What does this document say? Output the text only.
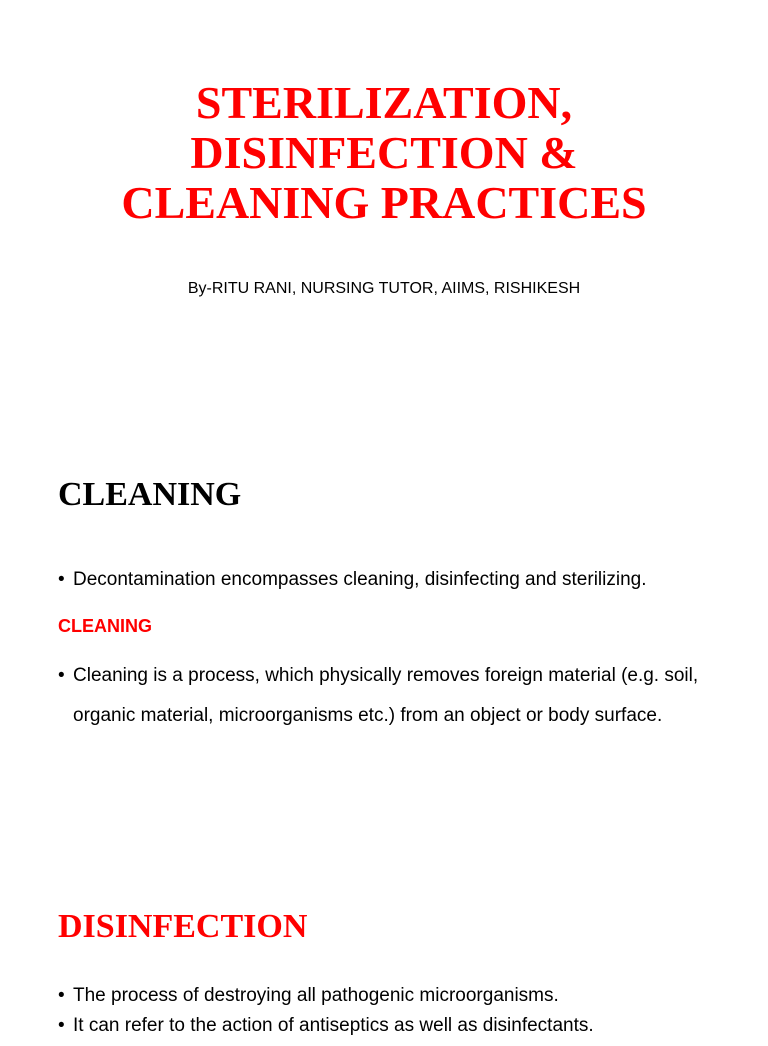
STERILIZATION,
DISINFECTION &
CLEANING PRACTICES
By-RITU RANI, NURSING TUTOR, AIIMS, RISHIKESH
CLEANING
• Decontamination encompasses cleaning, disinfecting and sterilizing.
CLEANING
• Cleaning is a process, which physically removes foreign material (e.g. soil, organic material, microorganisms etc.) from an object or body surface.
DISINFECTION
• The process of destroying all pathogenic microorganisms.
• It can refer to the action of antiseptics as well as disinfectants.
